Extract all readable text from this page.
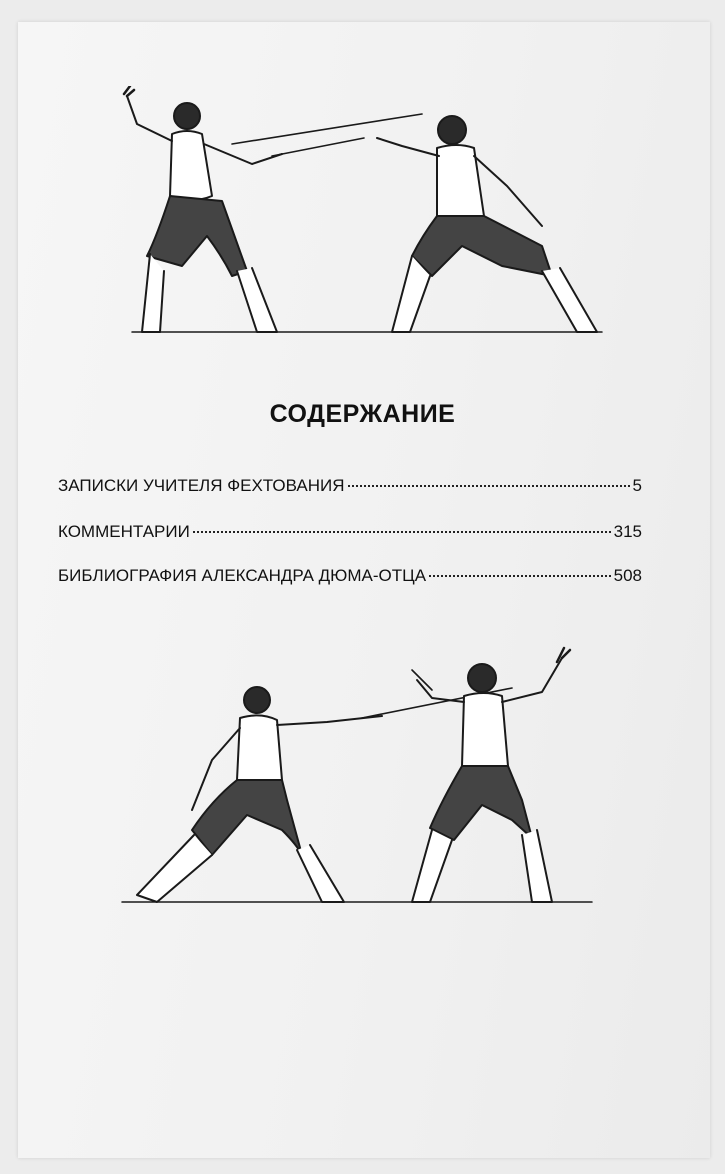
СОДЕРЖАНИЕ
ЗАПИСКИ УЧИТЕЛЯ ФЕХТОВАНИЯ	5
КОММЕНТАРИИ	315
БИБЛИОГРАФИЯ АЛЕКСАНДРА ДЮМА-ОТЦА	508
